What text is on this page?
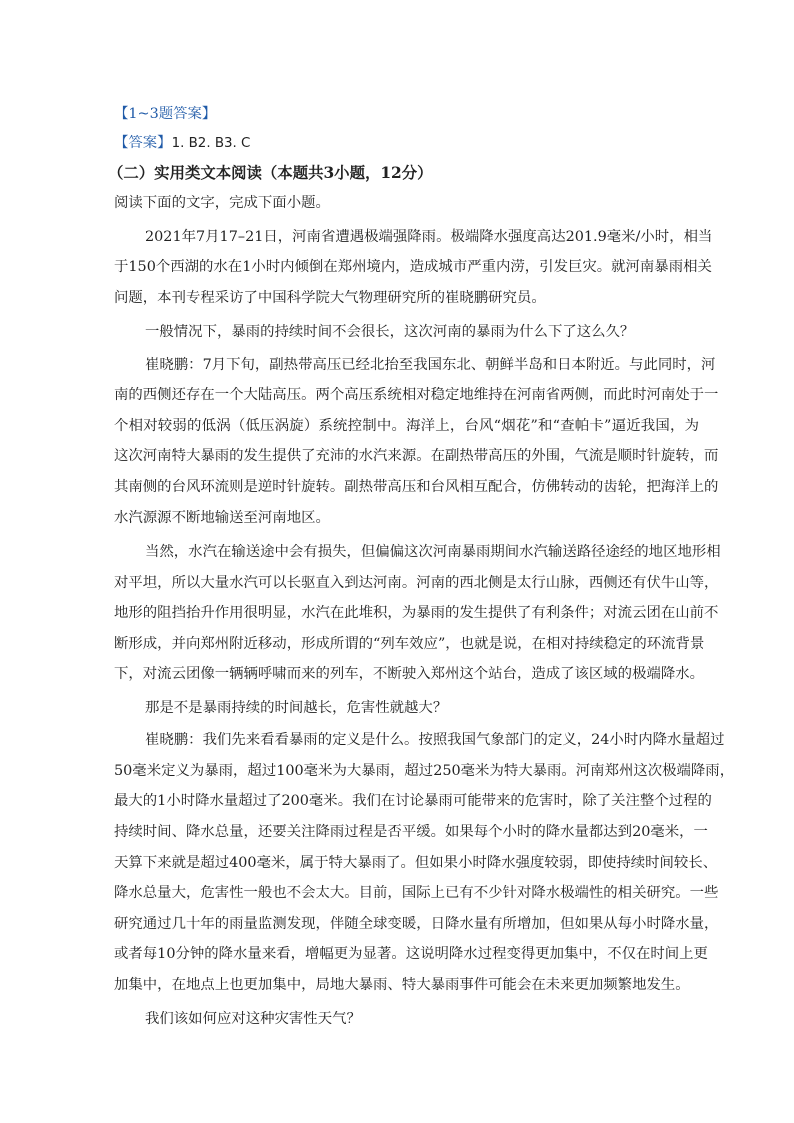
【1~3题答案】
【答案】1. B2. B3. C
（二）实用类文本阅读（本题共3小题，12分）
阅读下面的文字，完成下面小题。
2021年7月17–21日，河南省遭遇极端强降雨。极端降水强度高达201.9毫米/小时，相当
于150个西湖的水在1小时内倾倒在郑州境内，造成城市严重内涝，引发巨灾。就河南暴雨相关
问题，本刊专程采访了中国科学院大气物理研究所的崔晓鹏研究员。
一般情况下，暴雨的持续时间不会很长，这次河南的暴雨为什么下了这么久？
崔晓鹏：7月下旬，副热带高压已经北抬至我国东北、朝鲜半岛和日本附近。与此同时，河
南的西侧还存在一个大陆高压。两个高压系统相对稳定地维持在河南省两侧，而此时河南处于一
个相对较弱的低涡（低压涡旋）系统控制中。海洋上，台风“烟花”和“查帕卡”逼近我国，为
这次河南特大暴雨的发生提供了充沛的水汽来源。在副热带高压的外围，气流是顺时针旋转，而
其南侧的台风环流则是逆时针旋转。副热带高压和台风相互配合，仿佛转动的齿轮，把海洋上的
水汽源源不断地输送至河南地区。
当然，水汽在输送途中会有损失，但偏偏这次河南暴雨期间水汽输送路径途经的地区地形相
对平坦，所以大量水汽可以长驱直入到达河南。河南的西北侧是太行山脉，西侧还有伏牛山等，
地形的阻挡抬升作用很明显，水汽在此堆积，为暴雨的发生提供了有利条件；对流云团在山前不
断形成，并向郑州附近移动，形成所谓的“列车效应”，也就是说，在相对持续稳定的环流背景
下，对流云团像一辆辆呼啸而来的列车，不断驶入郑州这个站台，造成了该区域的极端降水。
那是不是暴雨持续的时间越长，危害性就越大？
崔晓鹏：我们先来看看暴雨的定义是什么。按照我国气象部门的定义，24小时内降水量超过
50毫米定义为暴雨，超过100毫米为大暴雨，超过250毫米为特大暴雨。河南郑州这次极端降雨，
最大的1小时降水量超过了200毫米。我们在讨论暴雨可能带来的危害时，除了关注整个过程的
持续时间、降水总量，还要关注降雨过程是否平缓。如果每个小时的降水量都达到20毫米，一
天算下来就是超过400毫米，属于特大暴雨了。但如果小时降水强度较弱，即使持续时间较长、
降水总量大，危害性一般也不会太大。目前，国际上已有不少针对降水极端性的相关研究。一些
研究通过几十年的雨量监测发现，伴随全球变暖，日降水量有所增加，但如果从每小时降水量，
或者每10分钟的降水量来看，增幅更为显著。这说明降水过程变得更加集中，不仅在时间上更
加集中，在地点上也更加集中，局地大暴雨、特大暴雨事件可能会在未来更加频繁地发生。
我们该如何应对这种灾害性天气？
